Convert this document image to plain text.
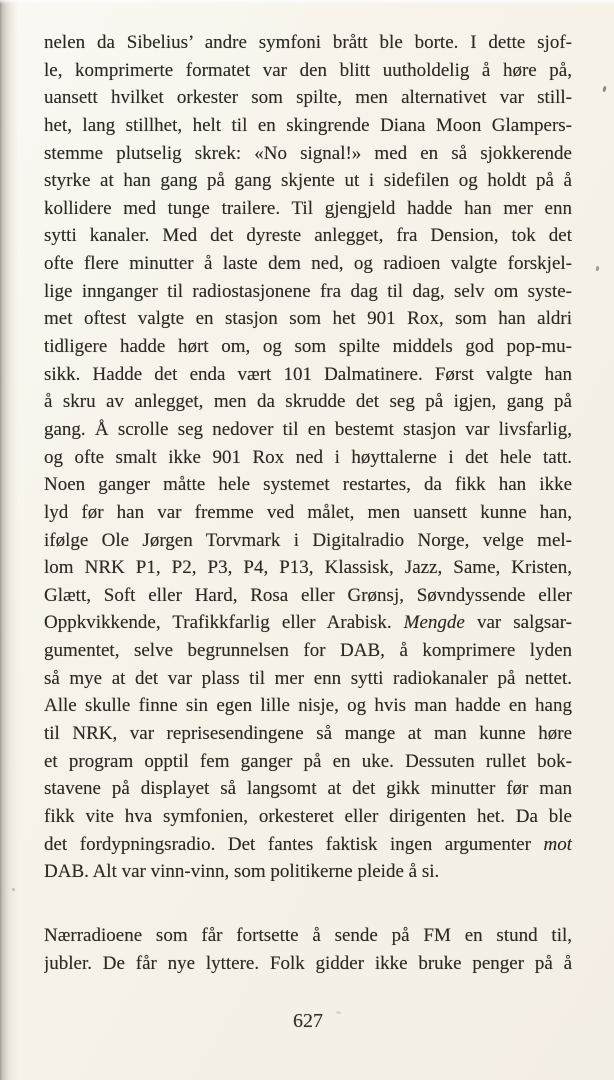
nelen da Sibelius’ andre symfoni brått ble borte. I dette sjof-
le, komprimerte formatet var den blitt uutholdelig å høre på,
uansett hvilket orkester som spilte, men alternativet var still-
het, lang stillhet, helt til en skingrende Diana Moon Glampers-
stemme plutselig skrek: «No signal!» med en så sjokkerende
styrke at han gang på gang skjente ut i sidefilen og holdt på å
kollidere med tunge trailere. Til gjengjeld hadde han mer enn
sytti kanaler. Med det dyreste anlegget, fra Dension, tok det
ofte flere minutter å laste dem ned, og radioen valgte forskjel-
lige innganger til radiostasjonene fra dag til dag, selv om syste-
met oftest valgte en stasjon som het 901 Rox, som han aldri
tidligere hadde hørt om, og som spilte middels god pop-mu-
sikk. Hadde det enda vært 101 Dalmatinere. Først valgte han
å skru av anlegget, men da skrudde det seg på igjen, gang på
gang. Å scrolle seg nedover til en bestemt stasjon var livsfarlig,
og ofte smalt ikke 901 Rox ned i høyttalerne i det hele tatt.
Noen ganger måtte hele systemet restartes, da fikk han ikke
lyd før han var fremme ved målet, men uansett kunne han,
ifølge Ole Jørgen Torvmark i Digitalradio Norge, velge mel-
lom NRK P1, P2, P3, P4, P13, Klassisk, Jazz, Same, Kristen,
Glætt, Soft eller Hard, Rosa eller Grønsj, Søvndyssende eller
Oppkvikkende, Trafikkfarlig eller Arabisk. Mengde var salgsar-
gumentet, selve begrunnelsen for DAB, å komprimere lyden
så mye at det var plass til mer enn sytti radiokanaler på nettet.
Alle skulle finne sin egen lille nisje, og hvis man hadde en hang
til NRK, var reprisesendingene så mange at man kunne høre
et program opptil fem ganger på en uke. Dessuten rullet bok-
stavene på displayet så langsomt at det gikk minutter før man
fikk vite hva symfonien, orkesteret eller dirigenten het. Da ble
det fordypningsradio. Det fantes faktisk ingen argumenter mot
DAB. Alt var vinn-vinn, som politikerne pleide å si.
Nærradioene som får fortsette å sende på FM en stund til,
jubler. De får nye lyttere. Folk gidder ikke bruke penger på å
627
